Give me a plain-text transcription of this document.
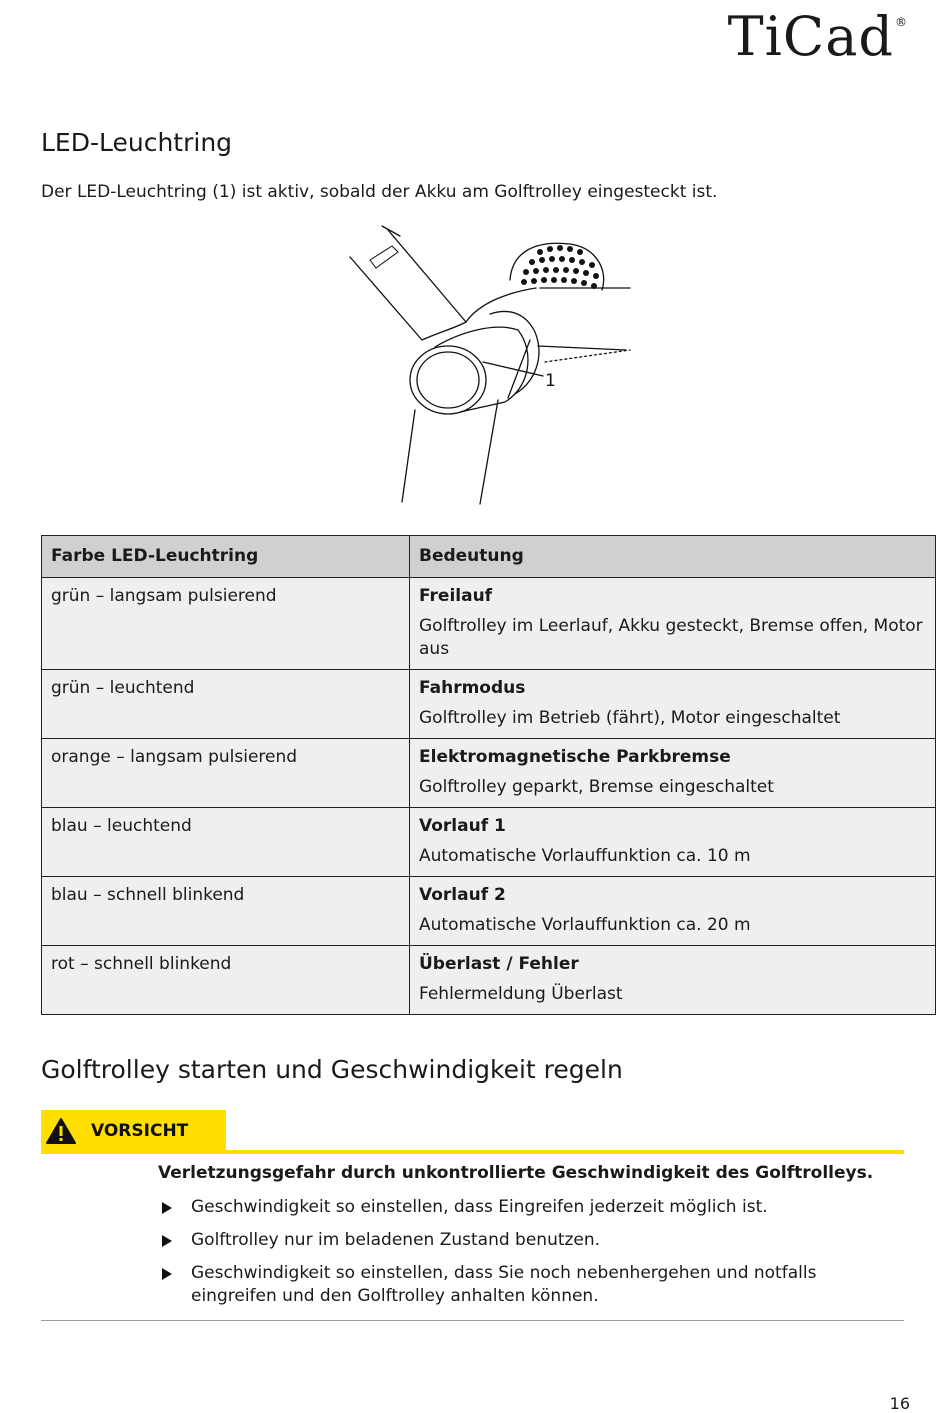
TiCad®
LED-Leuchtring

Der LED-Leuchtring (1) ist aktiv, sobald der Akku am Golftrolley eingesteckt ist.

1
Farbe LED-Leuchtring	Bedeutung
grün – langsam pulsierend	Freilauf
Golftrolley im Leerlauf, Akku gesteckt, Bremse offen, Motor aus

grün – leuchtend	Fahrmodus
Golftrolley im Betrieb (fährt), Motor eingeschaltet

orange – langsam pulsierend	Elektromagnetische Parkbremse
Golftrolley geparkt, Bremse eingeschaltet

blau – leuchtend	Vorlauf 1
Automatische Vorlauffunktion ca. 10 m

blau – schnell blinkend	Vorlauf 2
Automatische Vorlauffunktion ca. 20 m

rot – schnell blinkend	Überlast / Fehler
Fehlermeldung Überlast
Golftrolley starten und Geschwindigkeit regeln
VORSICHT

Verletzungsgefahr durch unkontrollierte Geschwindigkeit des Golftrolleys.

Geschwindigkeit so einstellen, dass Eingreifen jederzeit möglich ist.
Golftrolley nur im beladenen Zustand benutzen.
Geschwindigkeit so einstellen, dass Sie noch nebenhergehen und notfalls eingreifen und den Golftrolley anhalten können.
16
